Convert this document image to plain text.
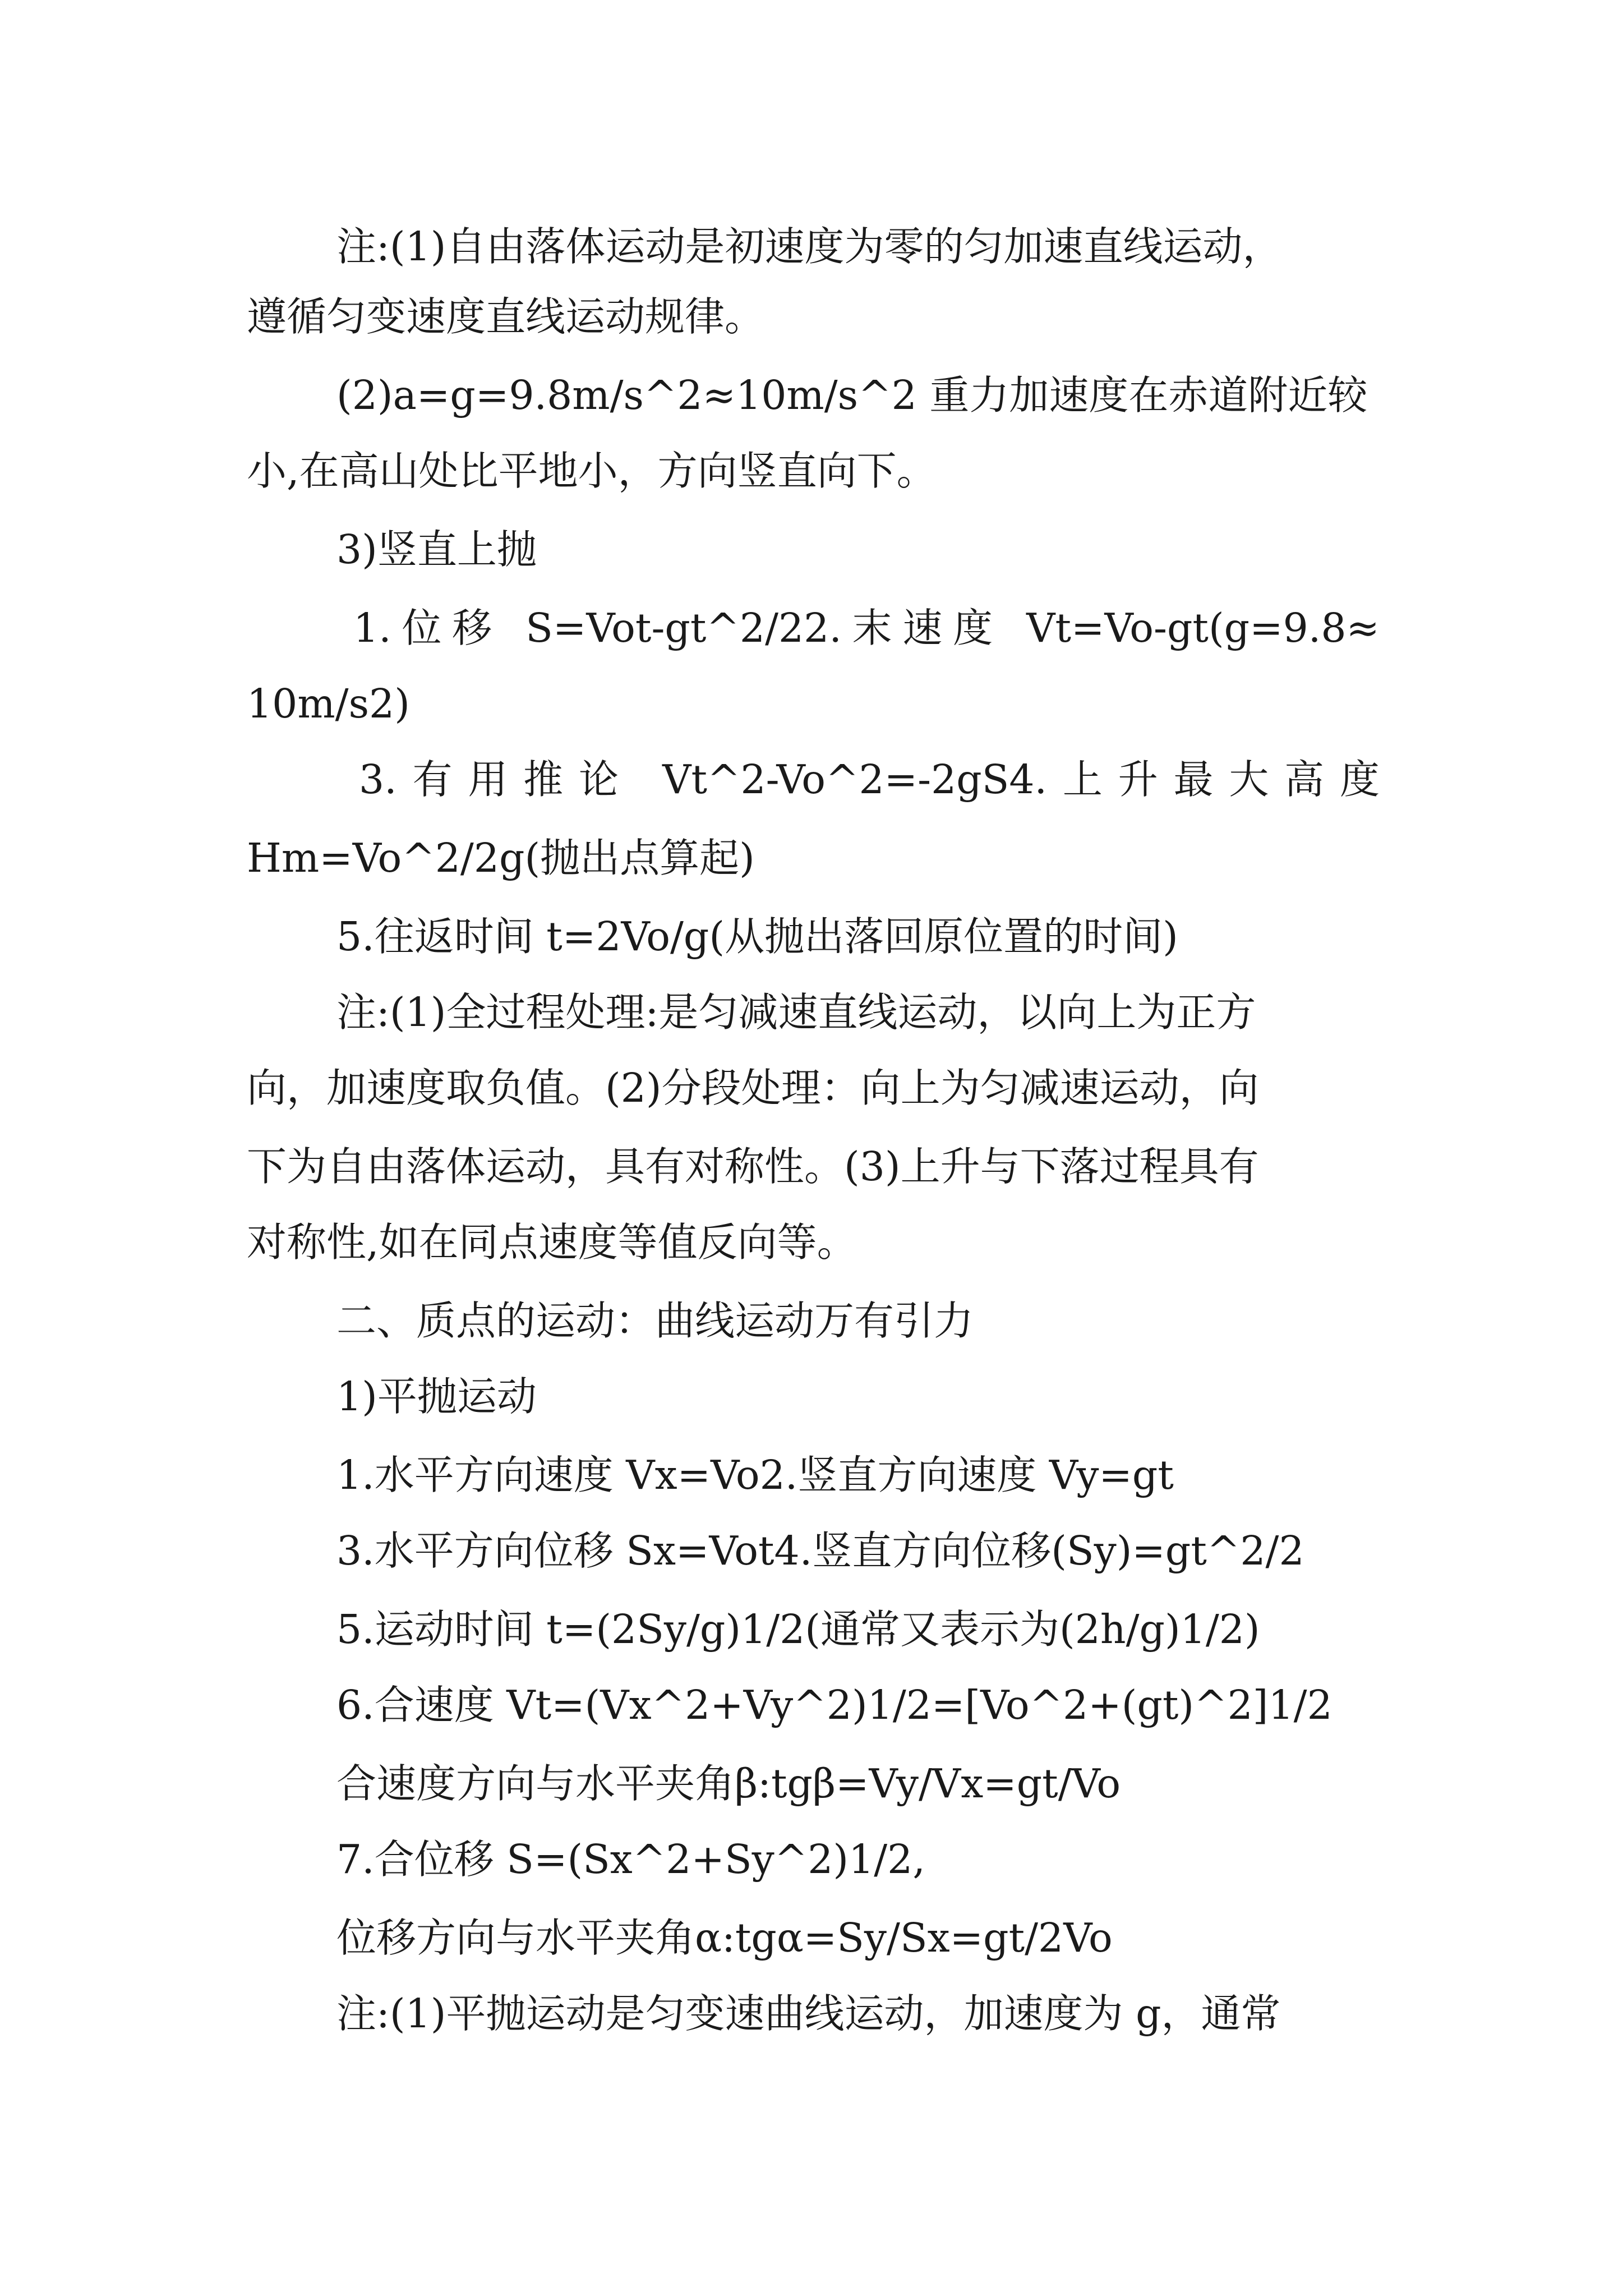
注:(1)自由落体运动是初速度为零的匀加速直线运动，
遵循匀变速度直线运动规律。
(2)a=g=9.8m/s^2≈10m/s^2 重力加速度在赤道附近较
小,在高山处比平地小，方向竖直向下。
3)竖直上抛
1.位移 S=Vot-gt^2/22.末速度 Vt=Vo-gt(g=9.8≈
10m/s2)
3.有用推论 Vt^2-Vo^2=-2gS4.上升最大高度
Hm=Vo^2/2g(抛出点算起)
5.往返时间 t=2Vo/g(从抛出落回原位置的时间)
注:(1)全过程处理:是匀减速直线运动，以向上为正方
向，加速度取负值。(2)分段处理：向上为匀减速运动，向
下为自由落体运动，具有对称性。(3)上升与下落过程具有
对称性,如在同点速度等值反向等。
二、质点的运动：曲线运动万有引力
1)平抛运动
1.水平方向速度 Vx=Vo2.竖直方向速度 Vy=gt
3.水平方向位移 Sx=Vot4.竖直方向位移(Sy)=gt^2/2
5.运动时间 t=(2Sy/g)1/2(通常又表示为(2h/g)1/2)
6.合速度 Vt=(Vx^2+Vy^2)1/2=[Vo^2+(gt)^2]1/2
合速度方向与水平夹角β:tgβ=Vy/Vx=gt/Vo
7.合位移 S=(Sx^2+Sy^2)1/2,
位移方向与水平夹角α:tgα=Sy/Sx=gt/2Vo
注:(1)平抛运动是匀变速曲线运动，加速度为 g，通常
